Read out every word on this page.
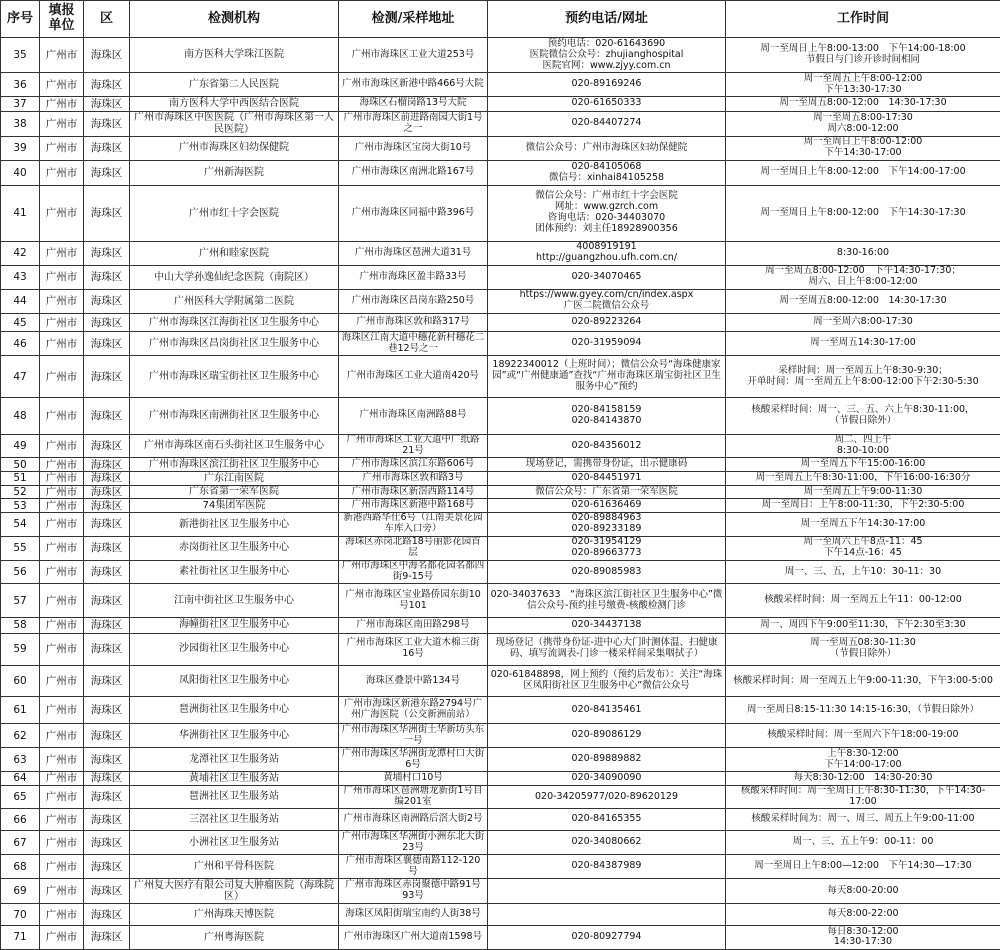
序号	填报
单位	区	检测机构	检测/采样地址	预约电话/网址	工作时间
35	广州市	海珠区	南方医科大学珠江医院	广州市海珠区工业大道253号	预约电话：020-61643690
医院微信公众号：zhujianghospital
医院官网：www.zjyy.com.cn	周一至周日上午8:00-13:00　下午14:00-18:00
节假日与门诊开诊时间相同
36	广州市	海珠区	广东省第二人民医院	广州市海珠区新港中路466号大院	020-89169246	周一至周五上午8:00-12:00
下午13:30-17:30
37	广州市	海珠区	南方医科大学中西医结合医院	海珠区石榴岗路13号大院	020-61650333	周一至周五8:00-12:00　14:30-17:30
38	广州市	海珠区	广州市海珠区中医医院（广州市海珠区第一人民医院）	广州市海珠区前进路南园大街1号之一	020-84407274	周一至周五8:00-17:30
周六8:00-12:00
39	广州市	海珠区	广州市海珠区妇幼保健院	广州市海珠区宝岗大街10号	微信公众号：广州市海珠区妇幼保健院	周一至周日上午8:00-12:00
下午14:30-17:00
40	广州市	海珠区	广州新海医院	广州市海珠区南洲北路167号	020-84105068
微信号：xinhai84105258	周一至周日上午8:00-12:00　下午14:00-17:00
41	广州市	海珠区	广州市红十字会医院	广州市海珠区同福中路396号	微信公众号：广州市红十字会医院
网址：www.gzrch.com
咨询电话：020-34403070
团体预约：刘主任18928900356	周一至周日上午8:00-12:00　下午14:30-17:30
42	广州市	海珠区	广州和睦家医院	广州市海珠区琶洲大道31号	4008919191
http://guangzhou.ufh.com.cn/	8:30-16:00
43	广州市	海珠区	中山大学孙逸仙纪念医院（南院区）	广州市海珠区盈丰路33号	020-34070465	周一至周五8:00-12:00　下午14:30-17:30；
周六、日上午8:00-12:00
44	广州市	海珠区	广州医科大学附属第二医院	广州市海珠区昌岗东路250号	https://www.gyey.com/cn/index.aspx
广医二院微信公众号	周一至周五8:00-12:00　14:30-17:30
45	广州市	海珠区	广州市海珠区江海街社区卫生服务中心	广州市海珠区敦和路317号	020-89223264	周一至周六8:00-17:30
46	广州市	海珠区	广州市海珠区昌岗街社区卫生服务中心	海珠区江南大道中穗花新村穗花二巷12号之一	020-31959094	周一至周五14:30-17:00
47	广州市	海珠区	广州市海珠区瑞宝街社区卫生服务中心	广州市海珠区工业大道南420号	18922340012（上班时间）；微信公众号“海珠健康家园”或“广州健康通”查找“广州市海珠区瑞宝街社区卫生服务中心”预约	采样时间：周一至周五上午8:30-9:30；
开单时间：周一至周五上午8:00-12:00下午2:30-5:30
48	广州市	海珠区	广州市海珠区南洲街社区卫生服务中心	广州市海珠区南洲路88号	020-84158159
020-84143870	核酸采样时间：周一、三、五、六上午8:30-11:00，
（节假日除外）
49	广州市	海珠区	广州市海珠区南石头街社区卫生服务中心	广州市海珠区工业大道中广纸路21号	020-84356012	周二、四上午
8:30-10:00
50	广州市	海珠区	广州市海珠区滨江街社区卫生服务中心	广州市海珠区滨江东路606号	现场登记，需携带身份证，出示健康码	周一至周五下午15:00-16:00
51	广州市	海珠区	广东江南医院	广州市海珠区敦和路3号	020-84451971	周一至周五上午8:30-11:00，下午16:00-16:30分
52	广州市	海珠区	广东省第一荣军医院	广州市海珠区新滘西路114号	微信公众号：广东省第一荣军医院	周一至周五上午9:00-11:30
53	广州市	海珠区	74集团军医院	广州市海珠区新港中路168号	020-61636469	周一至周日：上午8:00-11:30，下午2:30-5:00
54	广州市	海珠区	新港街社区卫生服务中心	新港西路华仕6号（江南美景花园车库入口旁）	020-89884963
020-89233189	周一至周五下午14:30-17:00
55	广州市	海珠区	赤岗街社区卫生服务中心	海珠区赤岗北路18号丽影花园首层	020-31954129
020-89663773	周一至周六上午8点-11：45
下午14点-16：45
56	广州市	海珠区	素社街社区卫生服务中心	广州市海珠区中海名都花园名都四街9-15号	020-89085983	周一、三、五，上午10：30-11：30
57	广州市	海珠区	江南中街社区卫生服务中心	广州市海珠区宝业路侨园东街10号101	020-34037633　“海珠区滨江街社区卫生服务中心”微信公众号-预约挂号缴费-核酸检测门诊	核酸采样时间：周一至周五上午11：00-12:00
58	广州市	海珠区	海幢街社区卫生服务中心	广州市海珠区南田路298号	020-34437138	周一、周四下午9:00至11:30，下午2:30至3:30
59	广州市	海珠区	沙园街社区卫生服务中心	广州市海珠区工业大道木棉三街16号	现场登记（携带身份证-进中心大门时测体温、扫健康码、填写流调表-门诊一楼采样间采集咽拭子）	周一至周五08:30-11:30
（节假日除外）
60	广州市	海珠区	凤阳街社区卫生服务中心	海珠区叠景中路134号	020-61848898，网上预约（预约后发布）：关注“海珠区凤阳街社区卫生服务中心”微信公众号	核酸采样时间：周一至周五上午9:00-11:30，下午3:00-5:00
61	广州市	海珠区	琶洲街社区卫生服务中心	广州市海珠区新港东路2794号广州广海医院（公交新洲前站）	020-84135461	周一至周日8:15-11:30 14:15-16:30，（节假日除外）
62	广州市	海珠区	华洲街社区卫生服务中心	广州市海珠区华洲街土华新坊头东一号	020-89086129	核酸采样时间：周一至周六下午18:00-19:00
63	广州市	海珠区	龙潭社区卫生服务站	广州市海珠区华洲街龙潭村口大街6号	020-89889882	上午8:30-12:00
下午14:00-17:00
64	广州市	海珠区	黄埔社区卫生服务站	黄埔村口10号	020-34090090	每天8:30-12:00　14:30-20:30
65	广州市	海珠区	琶洲社区卫生服务站	广州市海珠区琶洲塘龙新街1号自编201室	020-34205977/020-89620129	核酸采样时间：周一至周日上午8:30-11:30，下午14:30-17:00
66	广州市	海珠区	三滘社区卫生服务站	广州市海珠区南洲路后滘大街2号	020-84165355	核酸采样时间为：周一、周三、周五上午9:00-11:00
67	广州市	海珠区	小洲社区卫生服务站	广州市海珠区华洲街小洲东北大街23号	020-34080662	周一、三、五上午9：00-11：00
68	广州市	海珠区	广州和平骨科医院	广州市海珠区襄德南路112-120号	020-84387989	周一至周日上午8:00—12:00　下午14:30—17:30
69	广州市	海珠区	广州复大医疗有限公司复大肿瘤医院（海珠院区）	广州市海珠区赤岗聚德中路91号93号		每天8:00-20:00
70	广州市	海珠区	广州海珠天博医院	海珠区凤阳街瑞宝南约人街38号		每天8:00-22:00
71	广州市	海珠区	广州粤海医院	广州市海珠区广州大道南1598号	020-80927794	每日8:30-12:00
14:30-17:30
